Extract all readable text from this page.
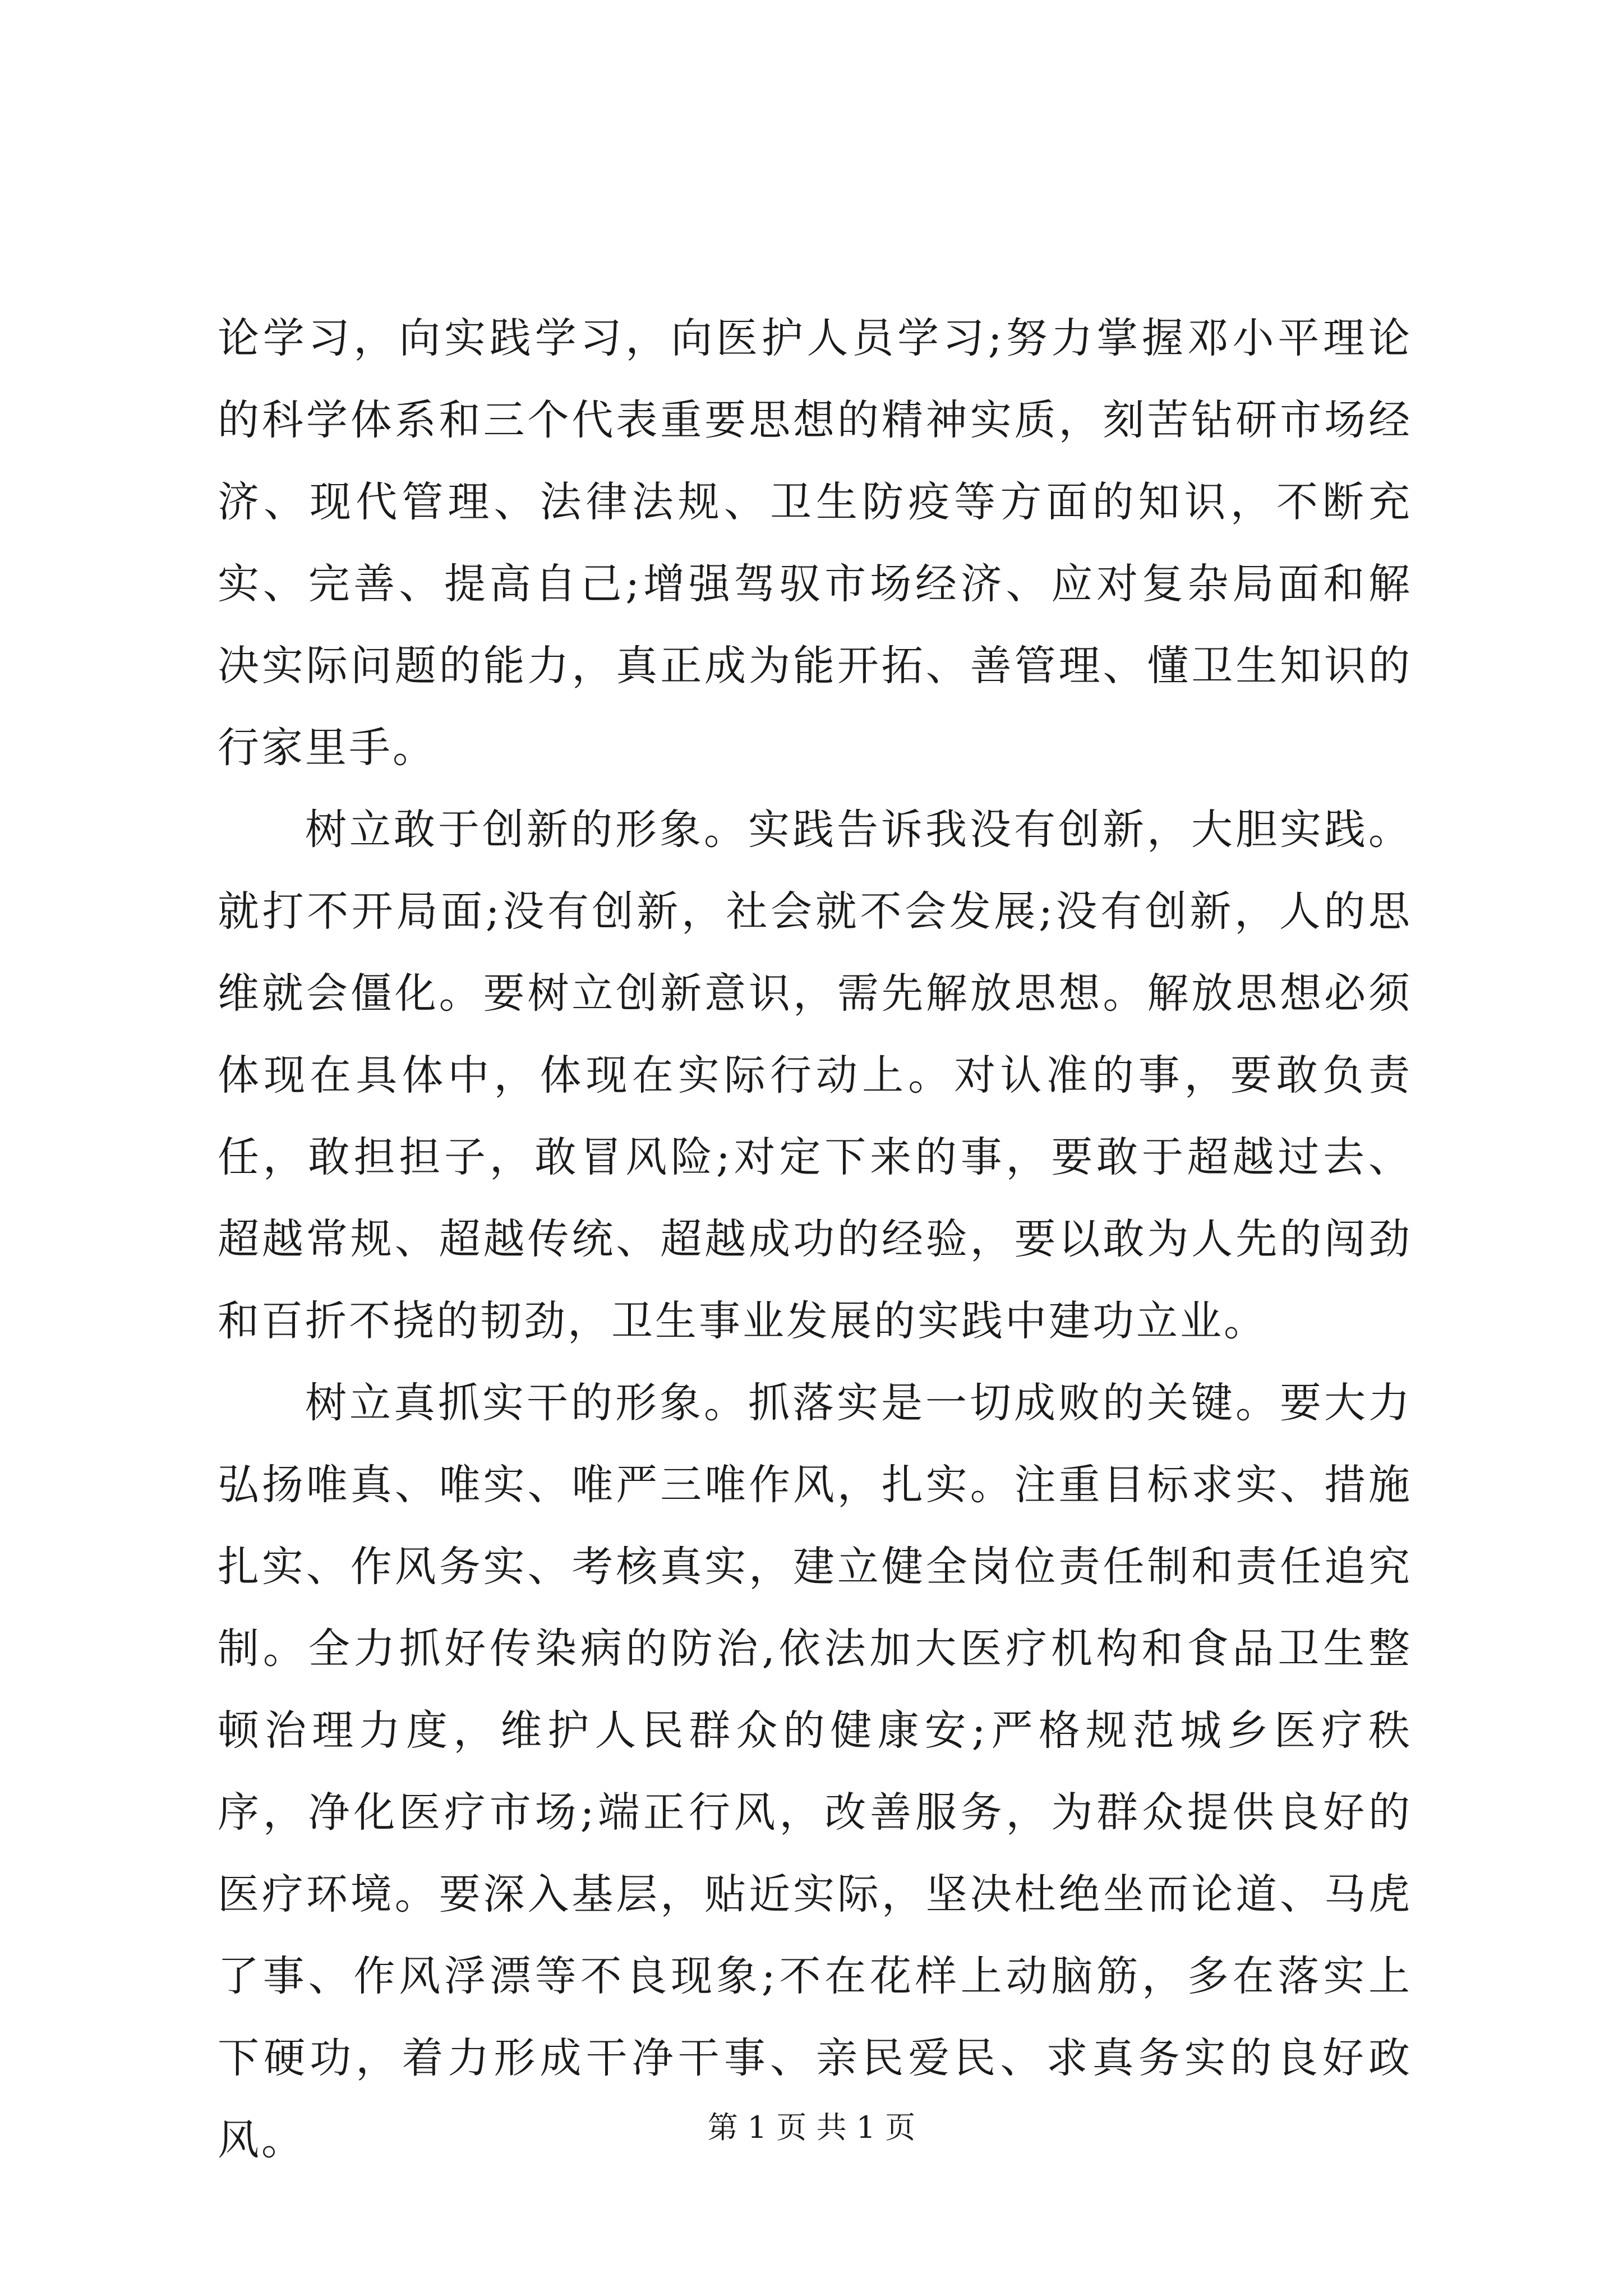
论学习，向实践学习，向医护人员学习;努力掌握邓小平理论的科学体系和三个代表重要思想的精神实质，刻苦钻研市场经济、现代管理、法律法规、卫生防疫等方面的知识，不断充实、完善、提高自己;增强驾驭市场经济、应对复杂局面和解决实际问题的能力，真正成为能开拓、善管理、懂卫生知识的行家里手。

树立敢于创新的形象。实践告诉我没有创新，大胆实践。就打不开局面;没有创新，社会就不会发展;没有创新，人的思维就会僵化。要树立创新意识，需先解放思想。解放思想必须体现在具体中，体现在实际行动上。对认准的事，要敢负责任，敢担担子，敢冒风险;对定下来的事，要敢于超越过去、超越常规、超越传统、超越成功的经验，要以敢为人先的闯劲和百折不挠的韧劲，卫生事业发展的实践中建功立业。

树立真抓实干的形象。抓落实是一切成败的关键。要大力弘扬唯真、唯实、唯严三唯作风，扎实。注重目标求实、措施扎实、作风务实、考核真实，建立健全岗位责任制和责任追究制。全力抓好传染病的防治,依法加大医疗机构和食品卫生整顿治理力度，维护人民群众的健康安;严格规范城乡医疗秩序，净化医疗市场;端正行风，改善服务，为群众提供良好的医疗环境。要深入基层，贴近实际，坚决杜绝坐而论道、马虎了事、作风浮漂等不良现象;不在花样上动脑筋，多在落实上下硬功，着力形成干净干事、亲民爱民、求真务实的良好政风。	第 1 页 共 1 页
